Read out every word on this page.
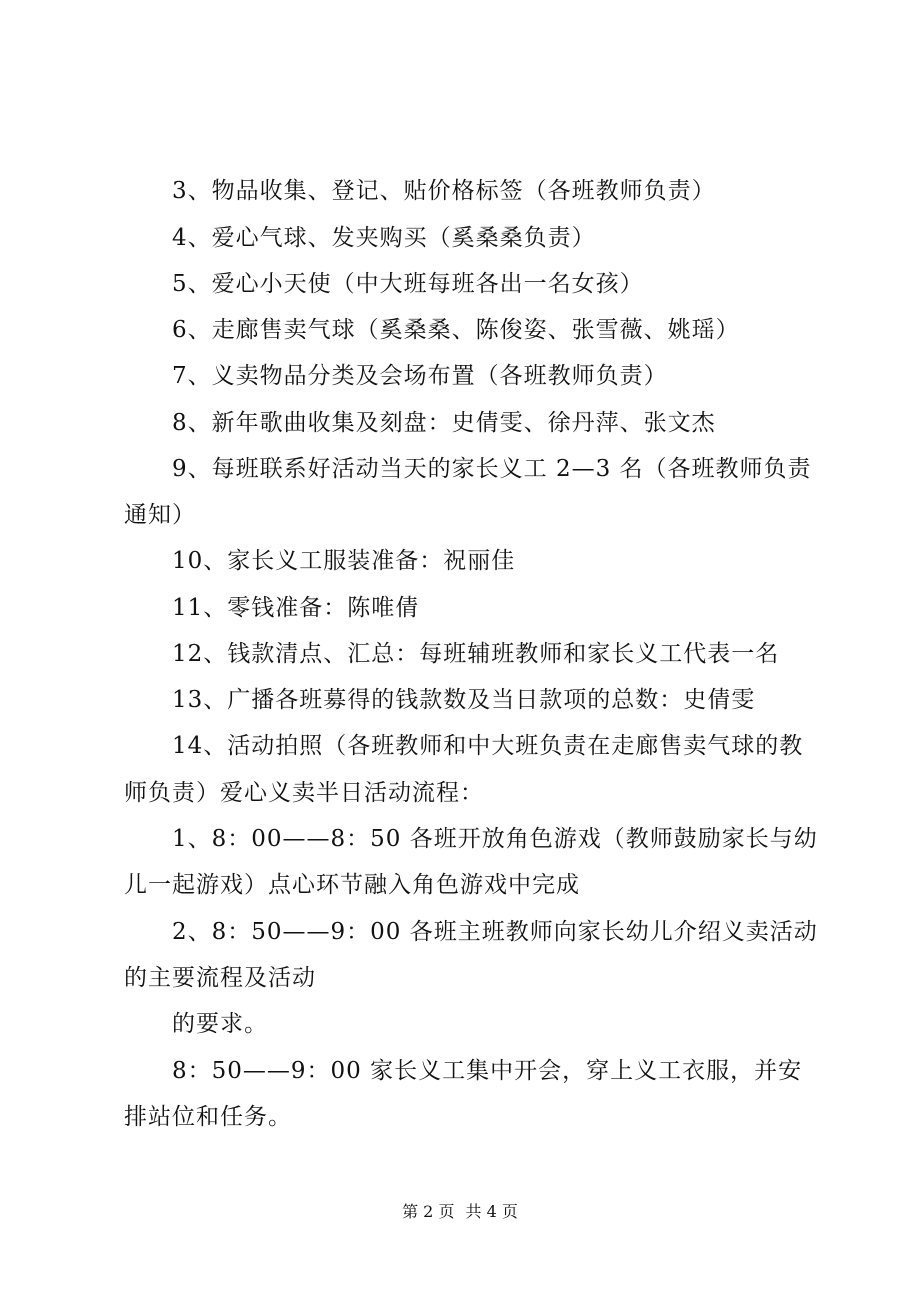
3、物品收集、登记、贴价格标签（各班教师负责）
4、爱心气球、发夹购买（奚桑桑负责）
5、爱心小天使（中大班每班各出一名女孩）
6、走廊售卖气球（奚桑桑、陈俊姿、张雪薇、姚瑶）
7、义卖物品分类及会场布置（各班教师负责）
8、新年歌曲收集及刻盘：史倩雯、徐丹萍、张文杰
9、每班联系好活动当天的家长义工 2—3 名（各班教师负责
通知）
10、家长义工服装准备：祝丽佳
11、零钱准备：陈唯倩
12、钱款清点、汇总：每班辅班教师和家长义工代表一名
13、广播各班募得的钱款数及当日款项的总数：史倩雯
14、活动拍照（各班教师和中大班负责在走廊售卖气球的教
师负责）爱心义卖半日活动流程：
1、8：00——8：50 各班开放角色游戏（教师鼓励家长与幼
儿一起游戏）点心环节融入角色游戏中完成
2、8：50——9：00 各班主班教师向家长幼儿介绍义卖活动
的主要流程及活动
的要求。
8：50——9：00 家长义工集中开会，穿上义工衣服，并安
排站位和任务。
第 2 页 共 4 页
